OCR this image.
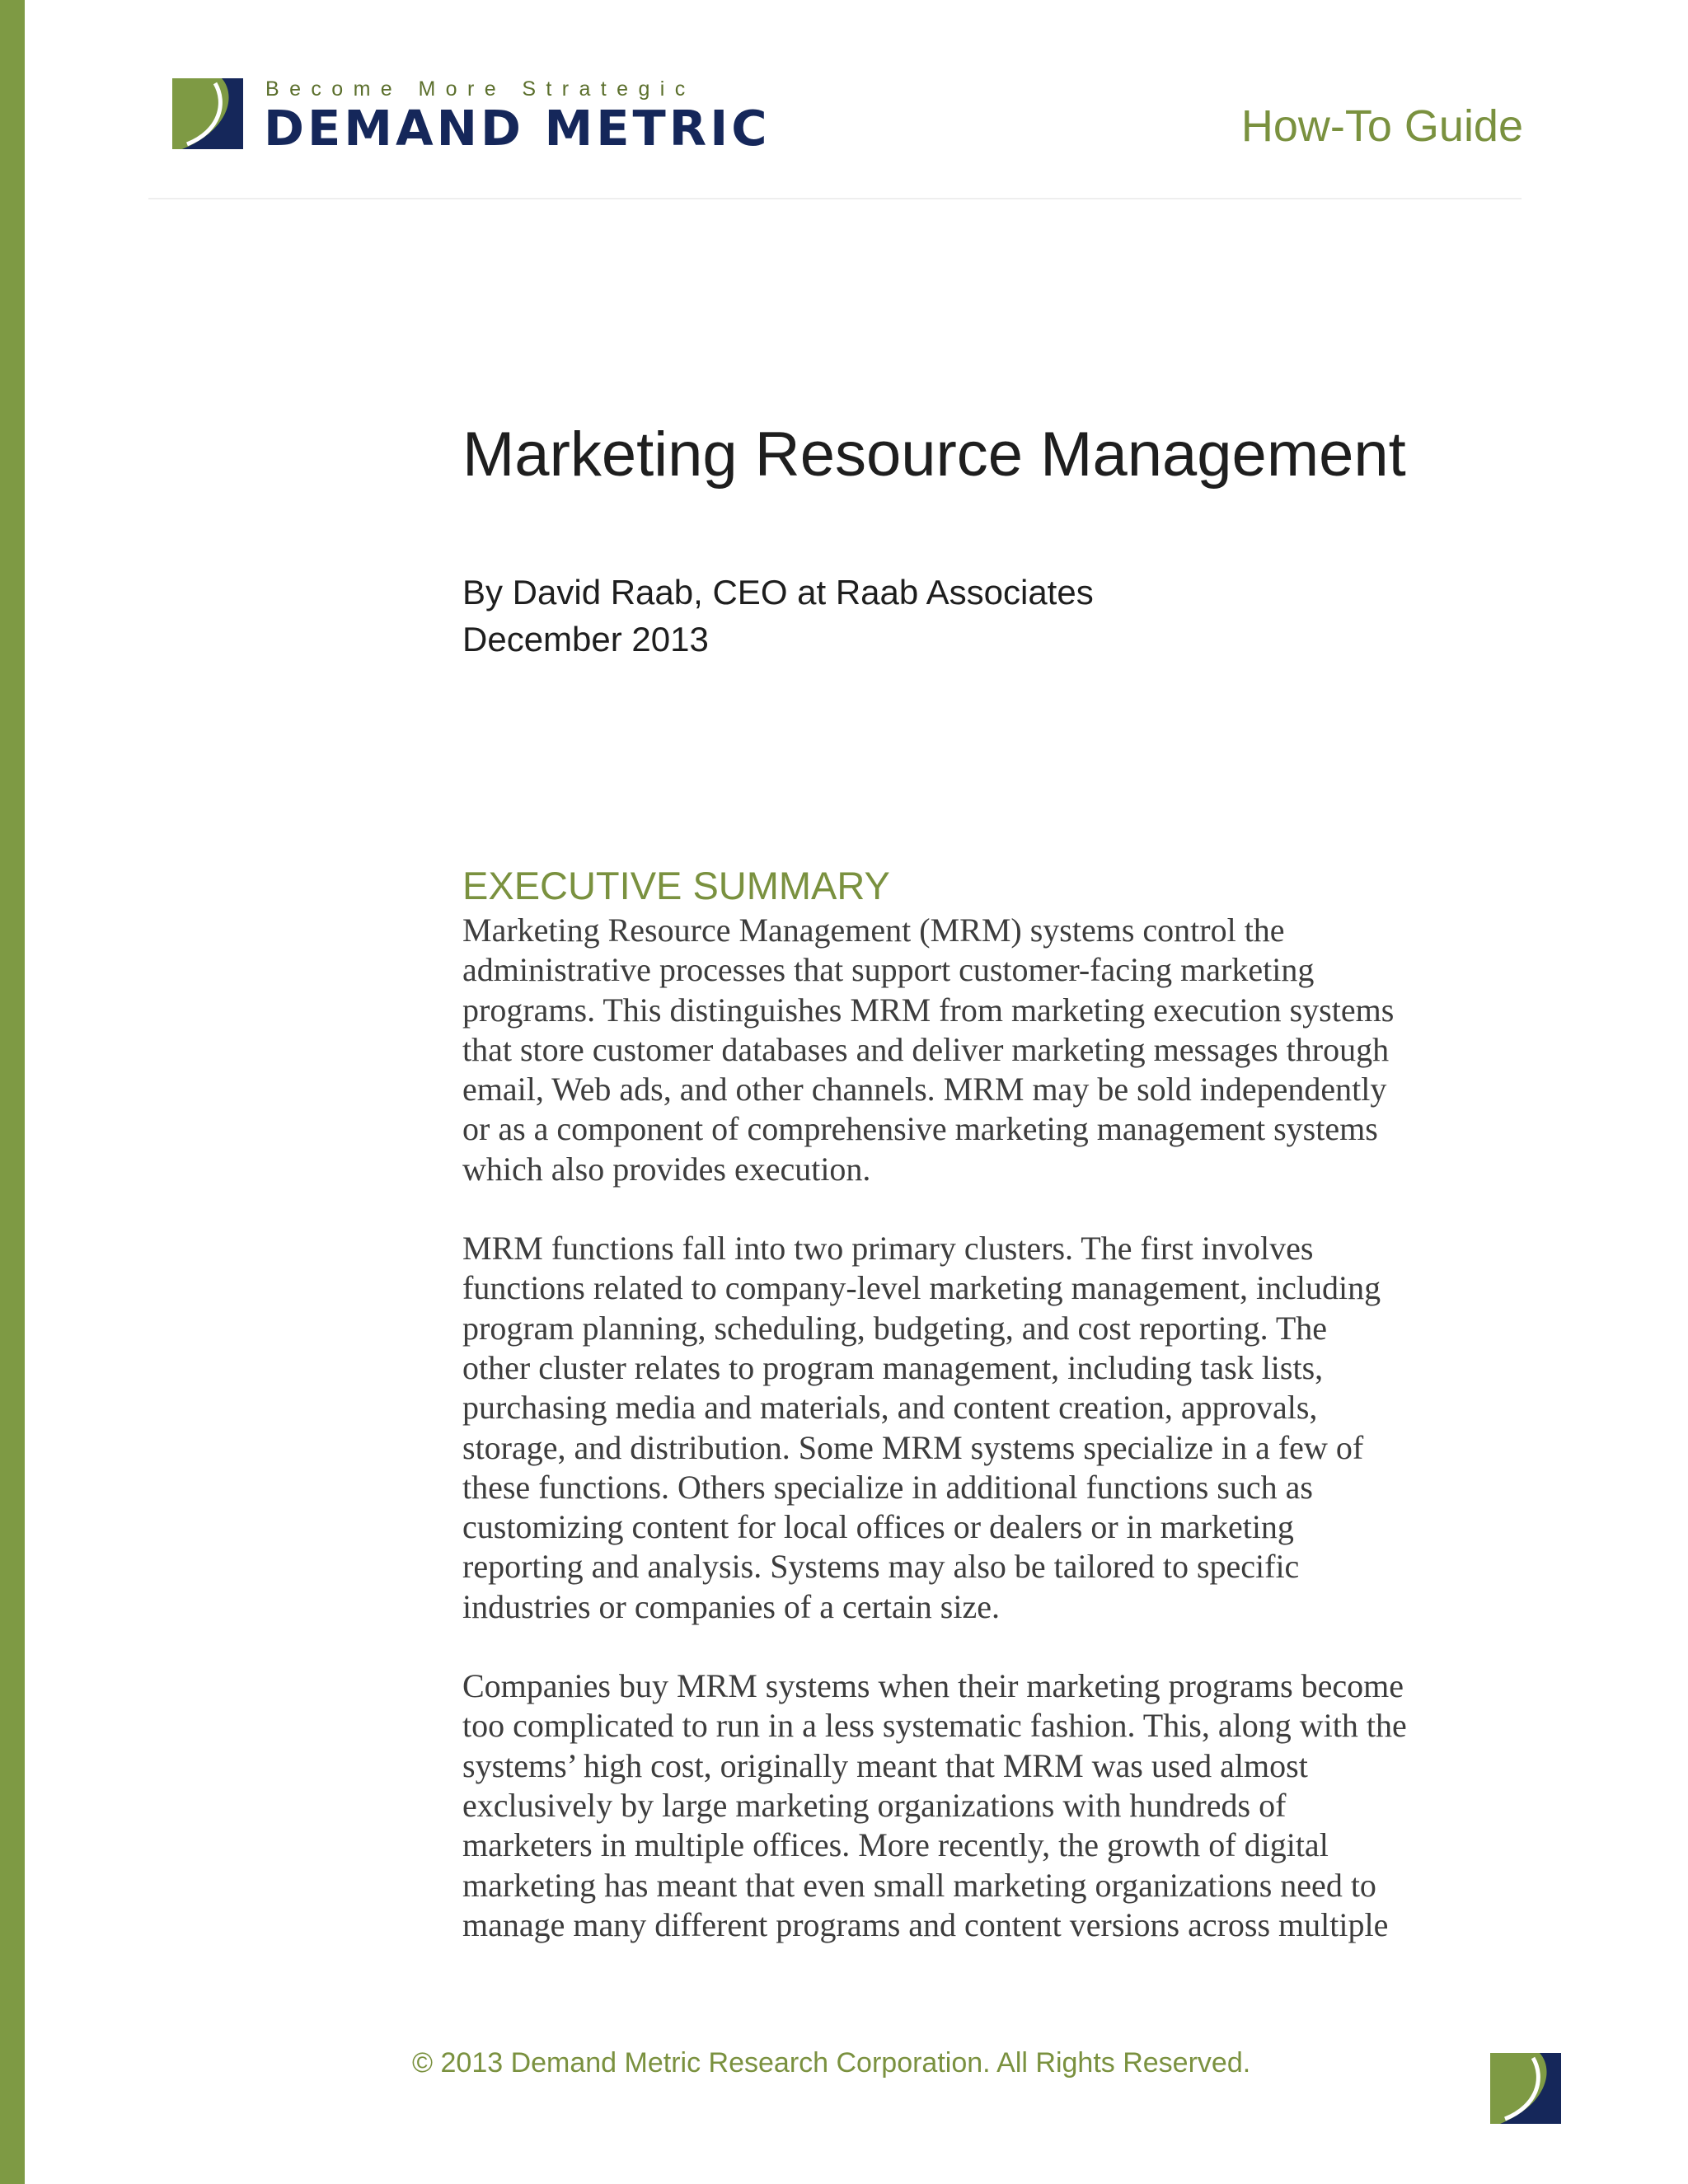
Become More Strategic
DEMAND METRIC	How-To Guide
Marketing Resource Management
By David Raab, CEO at Raab Associates
December 2013
EXECUTIVE SUMMARY

Marketing Resource Management (MRM) systems control the
administrative processes that support customer-facing marketing
programs. This distinguishes MRM from marketing execution systems
that store customer databases and deliver marketing messages through
email, Web ads, and other channels. MRM may be sold independently
or as a component of comprehensive marketing management systems
which also provides execution.

MRM functions fall into two primary clusters. The first involves
functions related to company-level marketing management, including
program planning, scheduling, budgeting, and cost reporting. The
other cluster relates to program management, including task lists,
purchasing media and materials, and content creation, approvals,
storage, and distribution. Some MRM systems specialize in a few of
these functions. Others specialize in additional functions such as
customizing content for local offices or dealers or in marketing
reporting and analysis. Systems may also be tailored to specific
industries or companies of a certain size.

Companies buy MRM systems when their marketing programs become
too complicated to run in a less systematic fashion. This, along with the
systems’ high cost, originally meant that MRM was used almost
exclusively by large marketing organizations with hundreds of
marketers in multiple offices. More recently, the growth of digital
marketing has meant that even small marketing organizations need to
manage many different programs and content versions across multiple

© 2013 Demand Metric Research Corporation. All Rights Reserved.
